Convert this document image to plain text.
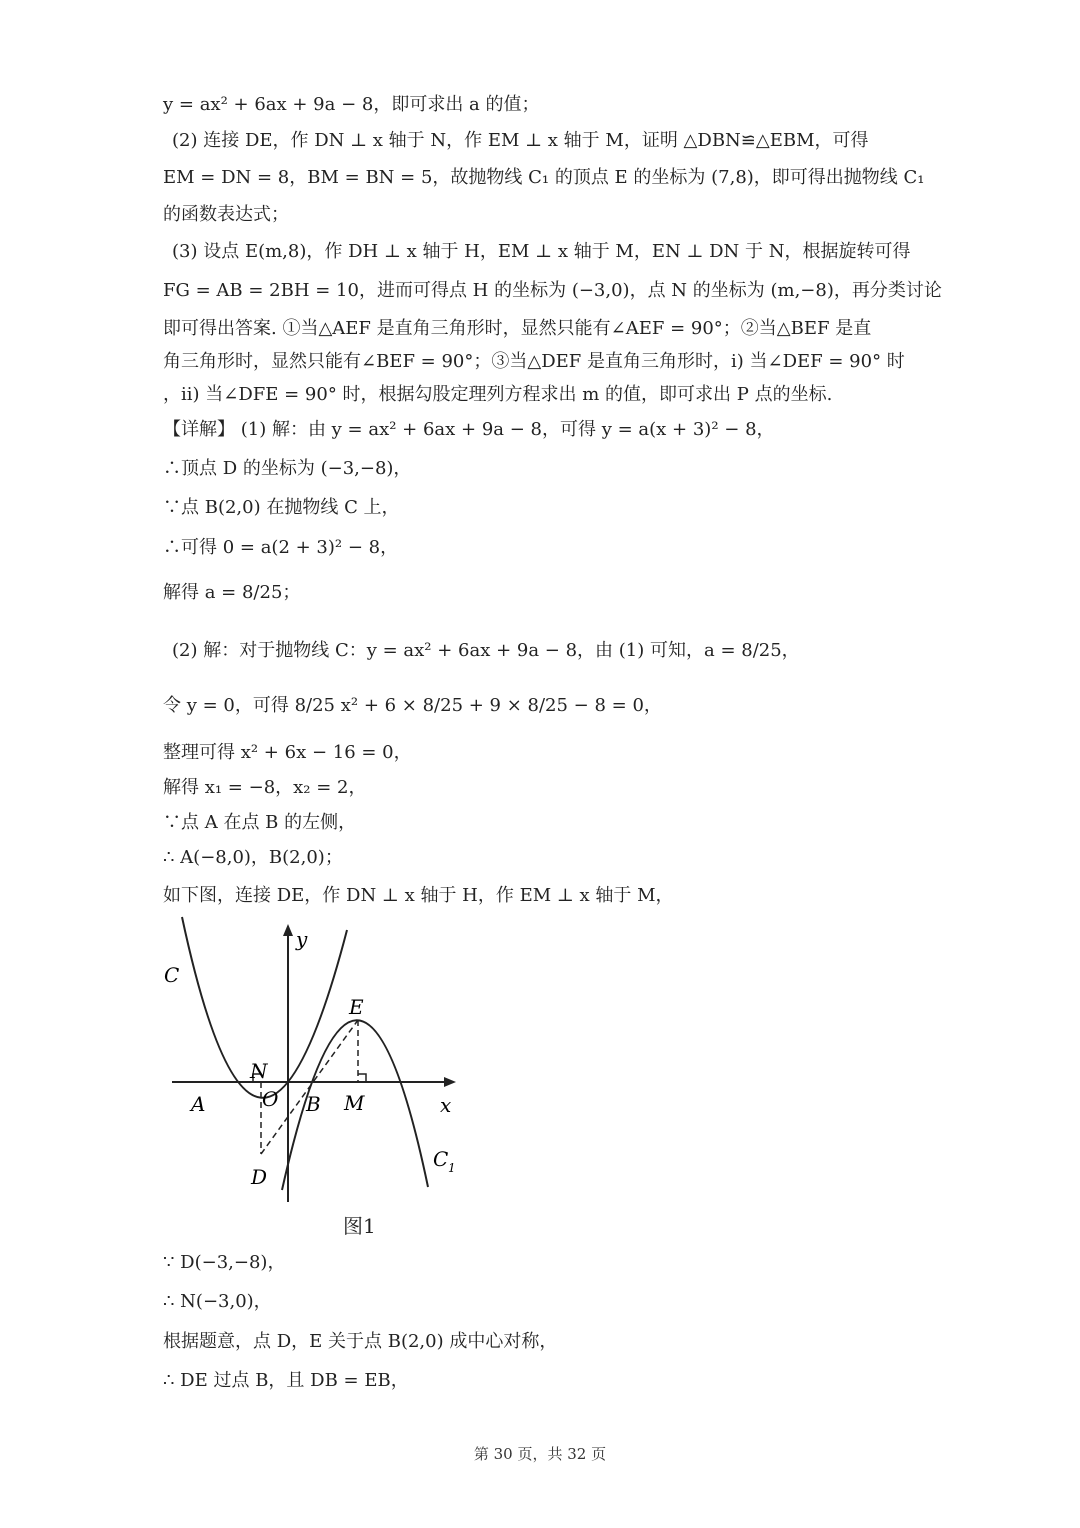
y = ax² + 6ax + 9a − 8，即可求出 a 的值；
(2) 连接 DE，作 DN ⊥ x 轴于 N，作 EM ⊥ x 轴于 M，证明 △DBN≌△EBM，可得
EM = DN = 8，BM = BN = 5，故抛物线 C₁ 的顶点 E 的坐标为 (7,8)，即可得出抛物线 C₁
的函数表达式；
(3) 设点 E(m,8)，作 DH ⊥ x 轴于 H，EM ⊥ x 轴于 M，EN ⊥ DN 于 N，根据旋转可得
FG = AB = 2BH = 10，进而可得点 H 的坐标为 (−3,0)，点 N 的坐标为 (m,−8)，再分类讨论
即可得出答案. ①当△AEF 是直角三角形时，显然只能有∠AEF = 90°；②当△BEF 是直
角三角形时，显然只能有∠BEF = 90°；③当△DEF 是直角三角形时，i) 当∠DEF = 90° 时
，ii) 当∠DFE = 90° 时，根据勾股定理列方程求出 m 的值，即可求出 P 点的坐标.
【详解】 (1) 解：由 y = ax² + 6ax + 9a − 8，可得 y = a(x + 3)² − 8，
∴顶点 D 的坐标为 (−3,−8)，
∵点 B(2,0) 在抛物线 C 上，
∴可得 0 = a(2 + 3)² − 8，
解得 a = 8/25；
(2) 解：对于抛物线 C：y = ax² + 6ax + 9a − 8，由 (1) 可知，a = 8/25，
令 y = 0，可得 8/25 x² + 6 × 8/25 + 9 × 8/25 − 8 = 0，
整理可得 x² + 6x − 16 = 0，
解得 x₁ = −8，x₂ = 2，
∵点 A 在点 B 的左侧，
∴ A(−8,0)，B(2,0)；
如下图，连接 DE，作 DN ⊥ x 轴于 H，作 EM ⊥ x 轴于 M，
y
x
C
E
N
O
A	B M
D
C 1
图1
∵ D(−3,−8)，
∴ N(−3,0)，
根据题意，点 D，E 关于点 B(2,0) 成中心对称，
∴ DE 过点 B，且 DB = EB，
第 30 页，共 32 页
